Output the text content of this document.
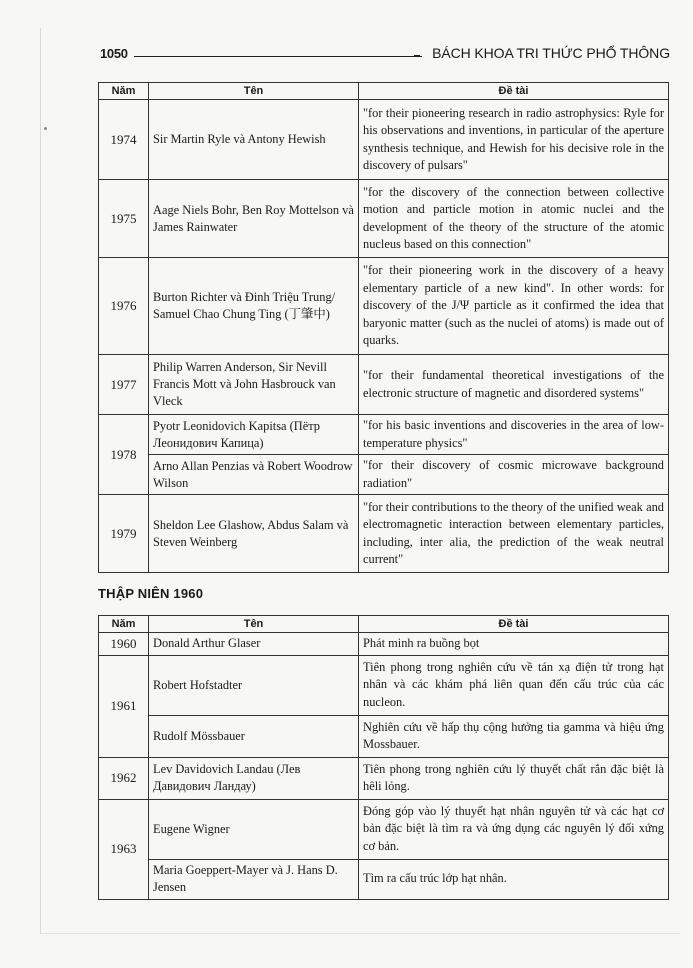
1050	BÁCH KHOA TRI THỨC PHỔ THÔNG
Năm	Tên	Đề tài
1974	Sir Martin Ryle và Antony Hewish	"for their pioneering research in radio astrophysics: Ryle for his observations and inventions, in particular of the aperture synthesis technique, and Hewish for his decisive role in the discovery of pulsars"
1975	Aage Niels Bohr, Ben Roy Mottelson và James Rainwater	"for the discovery of the connection between collective motion and particle motion in atomic nuclei and the development of the theory of the structure of the atomic nucleus based on this connection"
1976	Burton Richter và Đinh Triệu Trung/ Samuel Chao Chung Ting (丁肇中)	"for their pioneering work in the discovery of a heavy elementary particle of a new kind". In other words: for discovery of the J/Ψ particle as it confirmed the idea that baryonic matter (such as the nuclei of atoms) is made out of quarks.
1977	Philip Warren Anderson, Sir Nevill Francis Mott và John Hasbrouck van Vleck	"for their fundamental theoretical investigations of the electronic structure of magnetic and disordered systems"
1978	Pyotr Leonidovich Kapitsa (Пётр Леонидович Капица)	"for his basic inventions and discoveries in the area of low-temperature physics"
	Arno Allan Penzias và Robert Woodrow Wilson	"for their discovery of cosmic microwave background radiation"
1979	Sheldon Lee Glashow, Abdus Salam và Steven Weinberg	"for their contributions to the theory of the unified weak and electromagnetic interaction between elementary particles, including, inter alia, the prediction of the weak neutral current"
THẬP NIÊN 1960
Năm	Tên	Đề tài
1960	Donald Arthur Glaser	Phát minh ra buồng bọt
1961	Robert Hofstadter	Tiên phong trong nghiên cứu về tán xạ điện tử trong hạt nhân và các khám phá liên quan đến cấu trúc của các nucleon.
	Rudolf Mössbauer	Nghiên cứu về hấp thụ cộng hưởng tia gamma và hiệu ứng Mossbauer.
1962	Lev Davidovich Landau (Лев Давидович Ландау)	Tiên phong trong nghiên cứu lý thuyết chất rắn đặc biệt là hêli lỏng.
1963	Eugene Wigner	Đóng góp vào lý thuyết hạt nhân nguyên tử và các hạt cơ bản đặc biệt là tìm ra và ứng dụng các nguyên lý đối xứng cơ bản.
	Maria Goeppert-Mayer và J. Hans D. Jensen	Tìm ra cấu trúc lớp hạt nhân.
